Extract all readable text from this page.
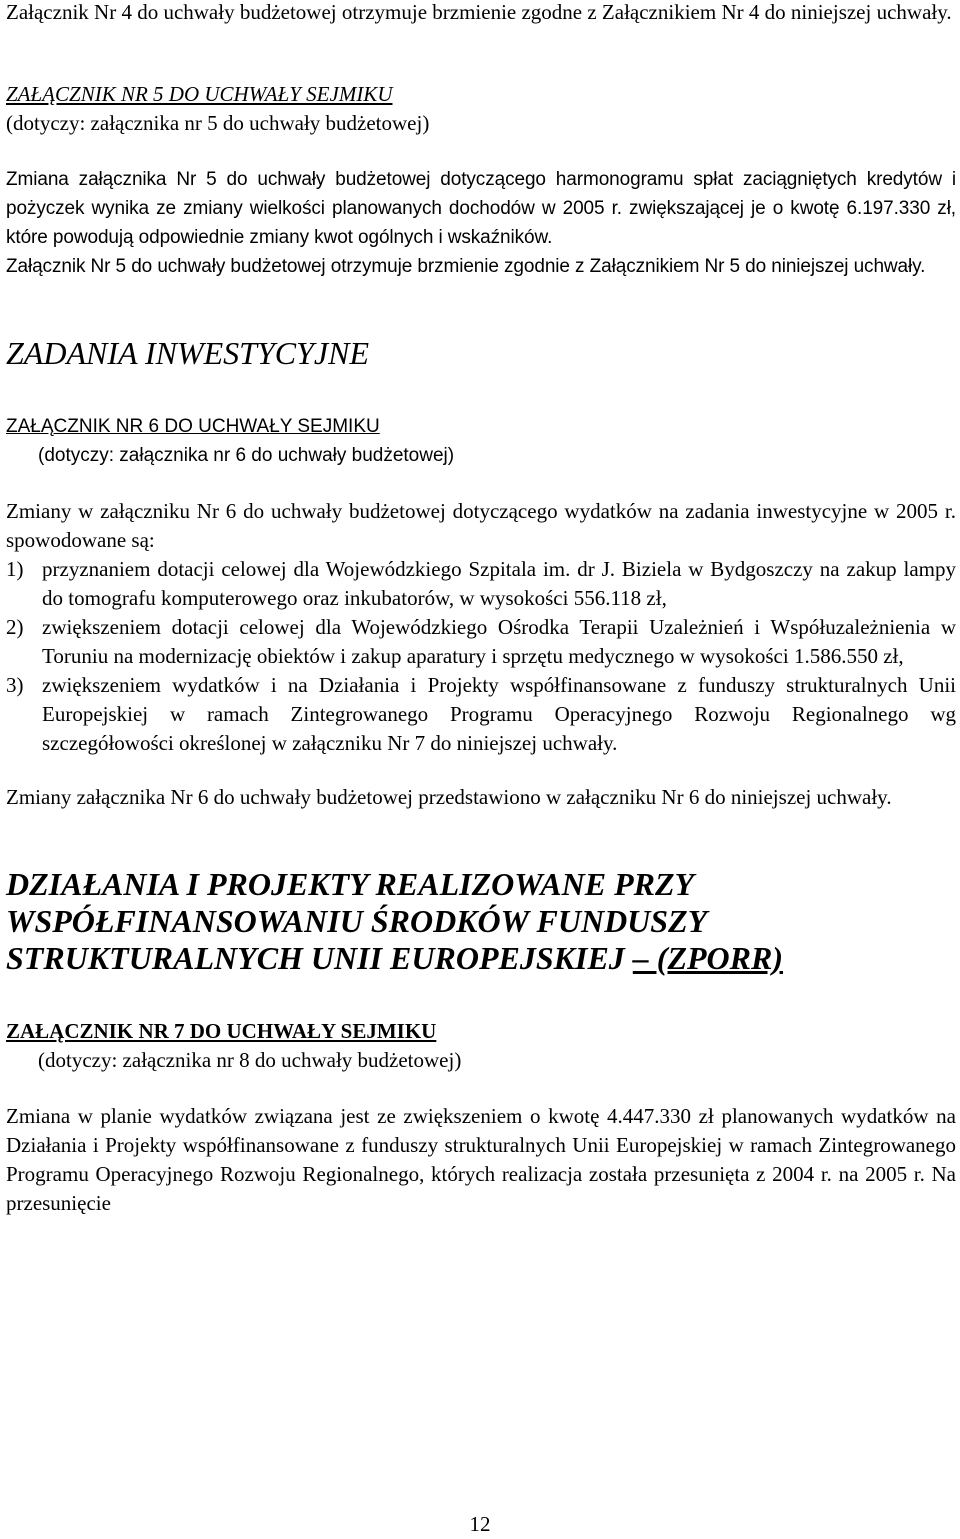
Załącznik Nr 4 do uchwały budżetowej otrzymuje brzmienie zgodne z Załącznikiem Nr 4 do niniejszej uchwały.

ZAŁĄCZNIK NR 5 DO UCHWAŁY SEJMIKU

(dotyczy: załącznika nr 5 do uchwały budżetowej)

Zmiana załącznika Nr 5 do uchwały budżetowej dotyczącego harmonogramu spłat zaciągniętych kredytów i pożyczek wynika ze zmiany wielkości planowanych dochodów w 2005 r. zwiększającej je o kwotę 6.197.330 zł, które powodują odpowiednie zmiany kwot ogólnych i wskaźników.

Załącznik Nr 5 do uchwały budżetowej otrzymuje brzmienie zgodnie z Załącznikiem Nr 5 do niniejszej uchwały.

ZADANIA INWESTYCYJNE

ZAŁĄCZNIK NR 6 DO UCHWAŁY SEJMIKU

(dotyczy: załącznika nr 6 do uchwały budżetowej)

Zmiany w załączniku Nr 6 do uchwały budżetowej dotyczącego wydatków na zadania inwestycyjne w 2005 r. spowodowane są:

1) przyznaniem dotacji celowej dla Wojewódzkiego Szpitala im. dr J. Biziela w Bydgoszczy na zakup lampy do tomografu komputerowego oraz inkubatorów, w wysokości 556.118 zł,
2) zwiększeniem dotacji celowej dla Wojewódzkiego Ośrodka Terapii Uzależnień i Współuzależnienia w Toruniu na modernizację obiektów i zakup aparatury i sprzętu medycznego w wysokości 1.586.550 zł,
3) zwiększeniem wydatków i na Działania i Projekty współfinansowane z funduszy strukturalnych Unii Europejskiej w ramach Zintegrowanego Programu Operacyjnego Rozwoju Regionalnego wg szczegółowości określonej w załączniku Nr 7 do niniejszej uchwały.

Zmiany załącznika Nr 6 do uchwały budżetowej przedstawiono w załączniku Nr 6 do niniejszej uchwały.

DZIAŁANIA I PROJEKTY REALIZOWANE PRZY
WSPÓŁFINANSOWANIU ŚRODKÓW FUNDUSZY
STRUKTURALNYCH UNII EUROPEJSKIEJ – (ZPORR)

ZAŁĄCZNIK NR 7 DO UCHWAŁY SEJMIKU

(dotyczy: załącznika nr 8 do uchwały budżetowej)

Zmiana w planie wydatków związana jest ze zwiększeniem o kwotę 4.447.330 zł planowanych wydatków na Działania i Projekty współfinansowane z funduszy strukturalnych Unii Europejskiej w ramach Zintegrowanego Programu Operacyjnego Rozwoju Regionalnego, których realizacja została przesunięta z 2004 r. na 2005 r. Na przesunięcie

12
